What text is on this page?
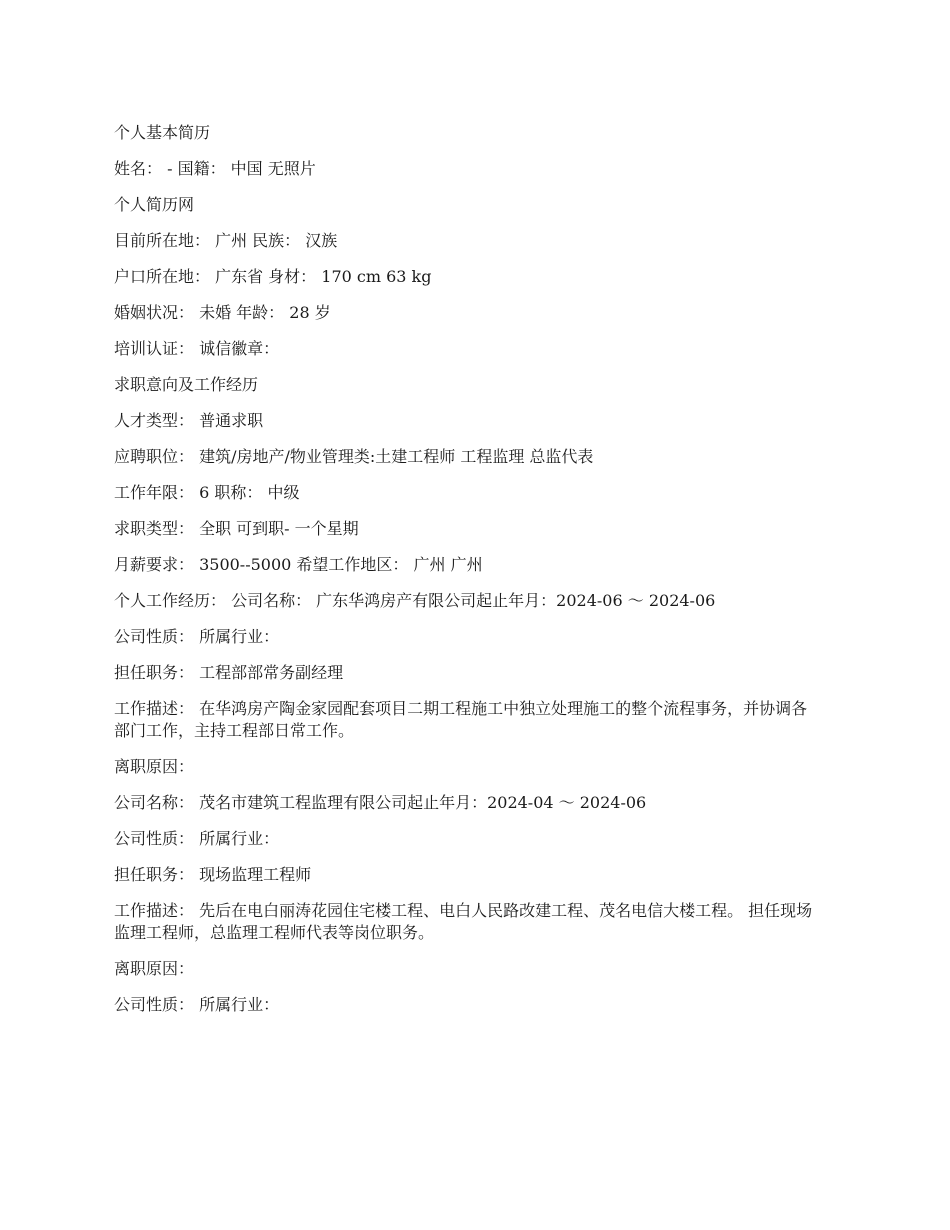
个人基本简历
姓名： - 国籍： 中国 无照片
个人简历网
目前所在地： 广州 民族： 汉族
户口所在地： 广东省 身材： 170 cm 63 kg
婚姻状况： 未婚 年龄： 28 岁
培训认证： 诚信徽章：
求职意向及工作经历
人才类型： 普通求职
应聘职位： 建筑/房地产/物业管理类:土建工程师 工程监理 总监代表
工作年限： 6 职称： 中级
求职类型： 全职 可到职- 一个星期
月薪要求： 3500--5000 希望工作地区： 广州 广州
个人工作经历： 公司名称： 广东华鸿房产有限公司起止年月：2024-06 ～ 2024-06
公司性质： 所属行业：
担任职务： 工程部部常务副经理
工作描述： 在华鸿房产陶金家园配套项目二期工程施工中独立处理施工的整个流程事务，并协调各部门工作，主持工程部日常工作。
离职原因：
公司名称： 茂名市建筑工程监理有限公司起止年月：2024-04 ～ 2024-06
公司性质： 所属行业：
担任职务： 现场监理工程师
工作描述： 先后在电白丽涛花园住宅楼工程、电白人民路改建工程、茂名电信大楼工程。 担任现场监理工程师，总监理工程师代表等岗位职务。
离职原因：
公司性质： 所属行业：
